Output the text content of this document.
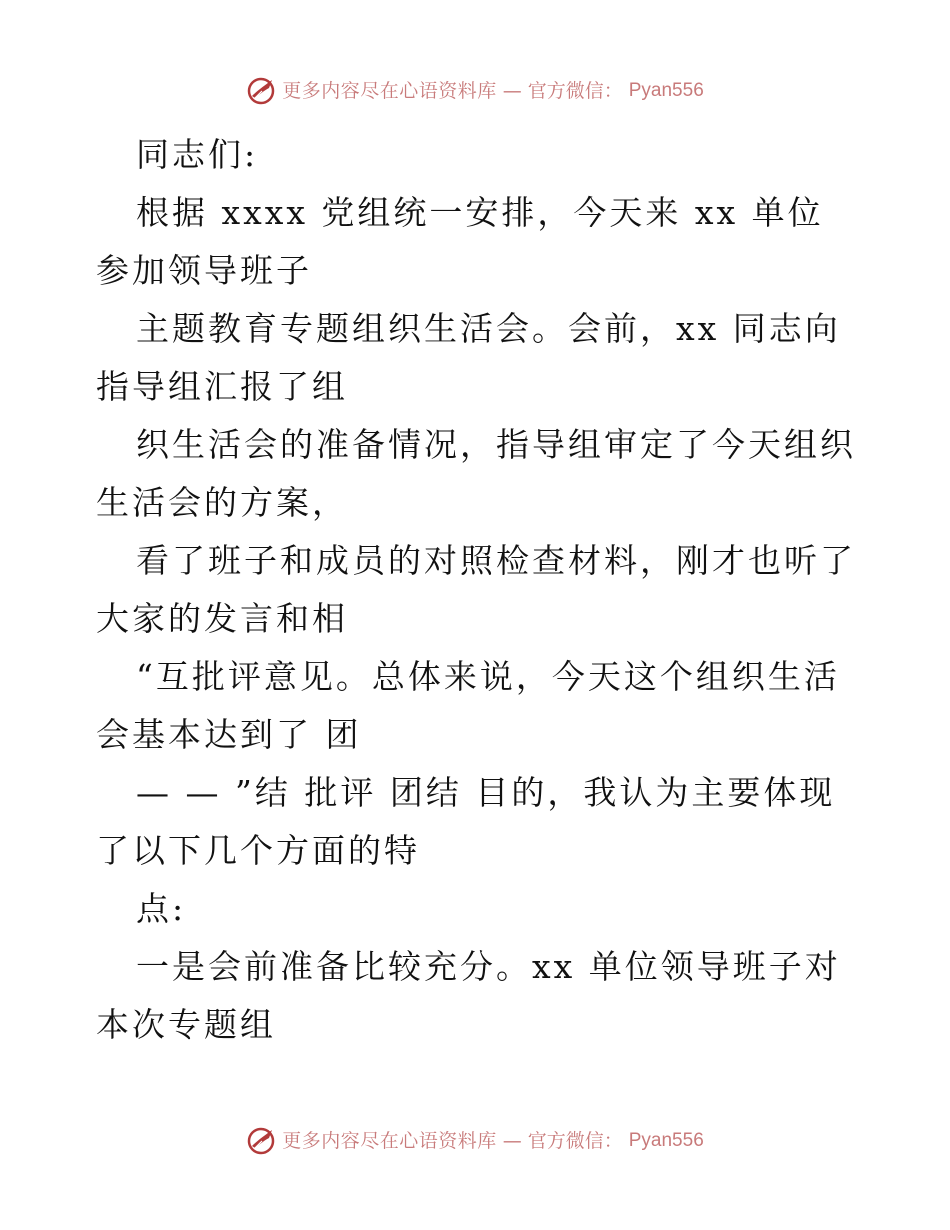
更多内容尽在心语资料库 — 官方微信： Pyan556

同志们:

根据 xxxx 党组统一安排，今天来 xx 单位参加领导班子

主题教育专题组织生活会。会前，xx 同志向指导组汇报了组

织生活会的准备情况，指导组审定了今天组织生活会的方案，

看了班子和成员的对照检查材料，刚才也听了大家的发言和相

“互批评意见。总体来说，今天这个组织生活会基本达到了 团

— — ”结 批评 团结 目的，我认为主要体现了以下几个方面的特

点:

一是会前准备比较充分。xx 单位领导班子对本次专题组

更多内容尽在心语资料库 — 官方微信： Pyan556
